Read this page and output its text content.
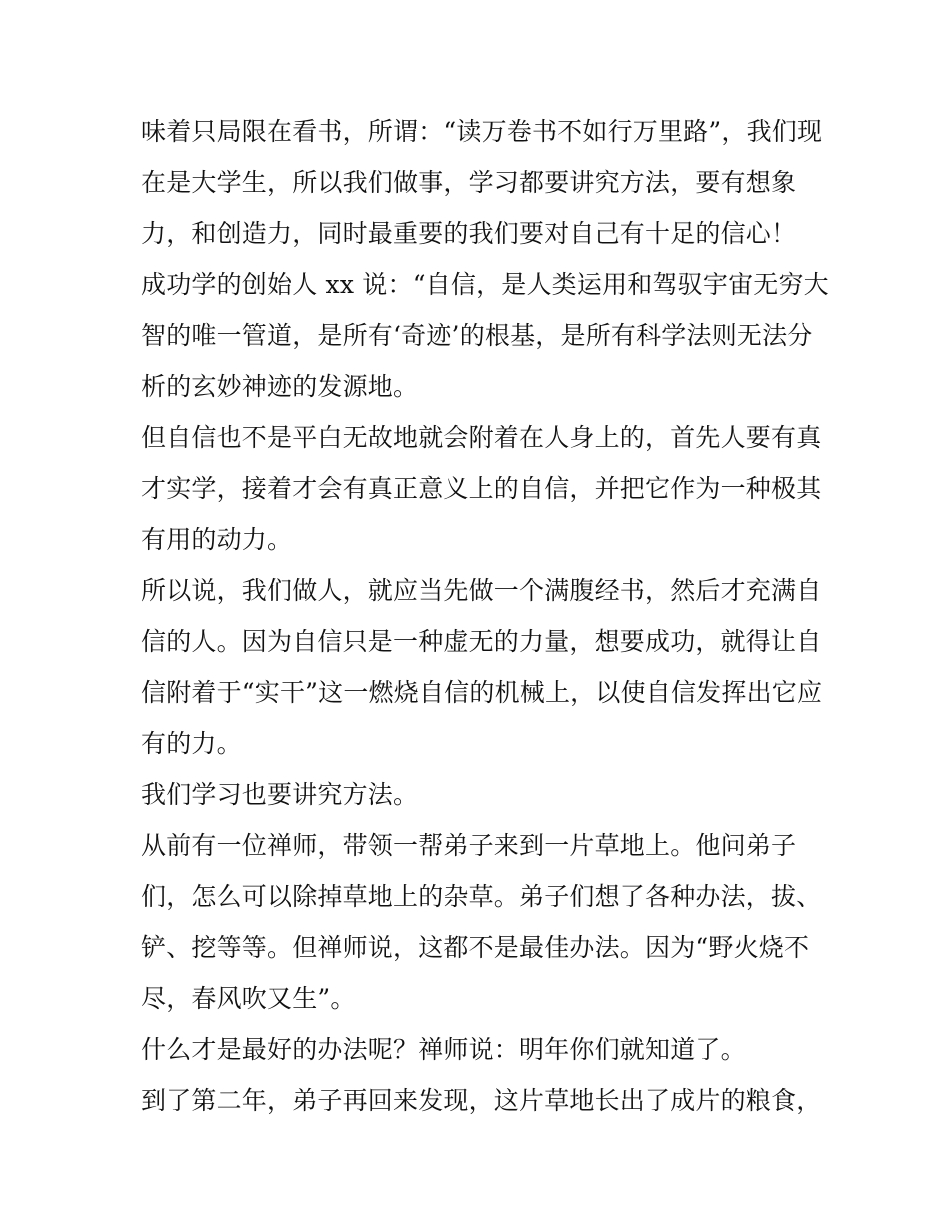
味着只局限在看书，所谓：“读万卷书不如行万里路”，我们现
在是大学生，所以我们做事，学习都要讲究方法，要有想象
力，和创造力，同时最重要的我们要对自己有十足的信心！
成功学的创始人 xx 说：“自信，是人类运用和驾驭宇宙无穷大
智的唯一管道，是所有‘奇迹’的根基，是所有科学法则无法分
析的玄妙神迹的发源地。
但自信也不是平白无故地就会附着在人身上的，首先人要有真
才实学，接着才会有真正意义上的自信，并把它作为一种极其
有用的动力。
所以说，我们做人，就应当先做一个满腹经书，然后才充满自
信的人。因为自信只是一种虚无的力量，想要成功，就得让自
信附着于“实干”这一燃烧自信的机械上，以使自信发挥出它应
有的力。
我们学习也要讲究方法。
从前有一位禅师，带领一帮弟子来到一片草地上。他问弟子
们，怎么可以除掉草地上的杂草。弟子们想了各种办法，拔、
铲、挖等等。但禅师说，这都不是最佳办法。因为“野火烧不
尽，春风吹又生”。
什么才是最好的办法呢？禅师说：明年你们就知道了。
到了第二年，弟子再回来发现，这片草地长出了成片的粮食，
